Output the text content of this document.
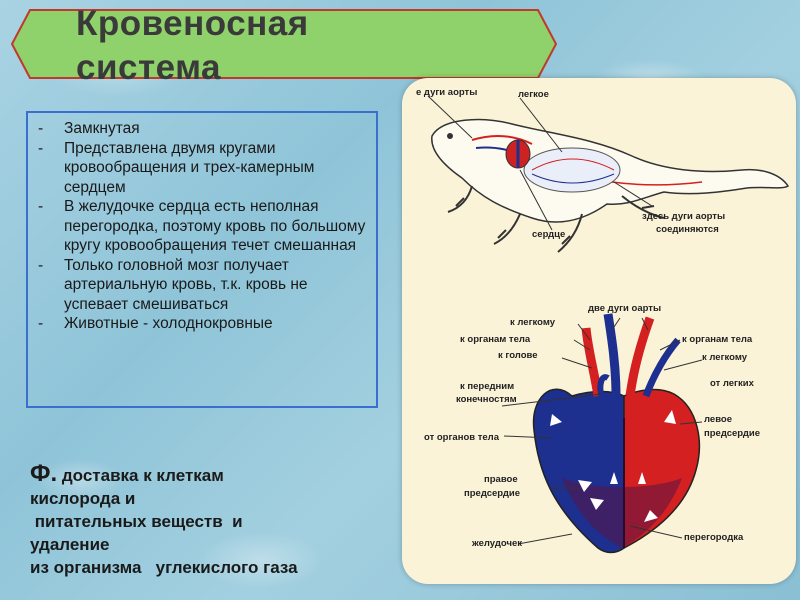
Кровеносная система
- Замкнутая
- Представлена двумя кругами кровообращения и трех-камерным сердцем
- В желудочке сердца есть неполная перегородка, поэтому кровь по большому кругу кровообращения течет смешанная
- Только головной мозг получает артериальную кровь, т.к. кровь не успевает смешиваться
- Животные - холоднокровные
Ф. доставка к клеткам
кислорода и
питательных веществ  и
удаление
из организма   углекислого газа
е дуги аорты	легкое
здесь дуги аорты
соединяются
сердце
две дуги оарты
к легкому
к органам тела
к голове
к органам тела
к легкому
от легких
к передним
конечностям
левое
предсердие
от органов тела
правое
предсердие
желудочек
перегородка
